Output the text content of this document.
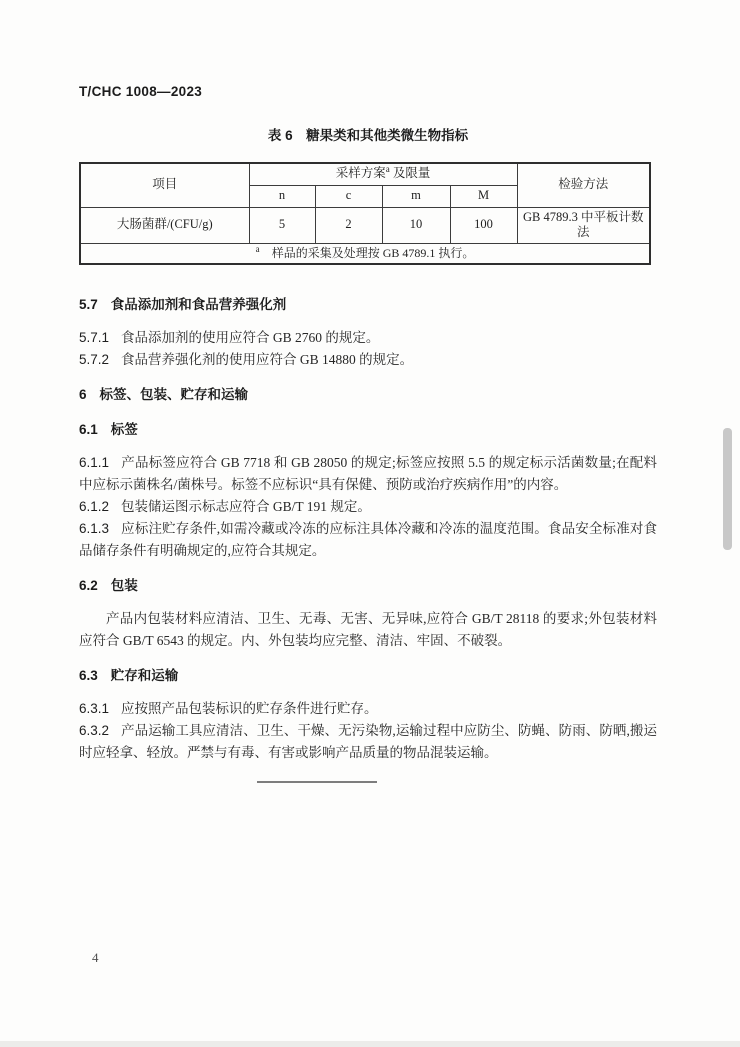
T/CHC 1008—2023
表 6　糖果类和其他类微生物指标
项目	采样方案$^a$ 及限量				检验方法
	n	c	m	M	
大肠菌群/(CFU/g)	5	2	10	100	GB 4789.3 中平板计数法
$^a$　 样品的采集及处理按 GB 4789.1 执行。					
5.7 食品添加剂和食品营养强化剂

5.7.1 食品添加剂的使用应符合 GB 2760 的规定。

5.7.2 食品营养强化剂的使用应符合 GB 14880 的规定。

6 标签、包装、贮存和运输
6.1 标签

6.1.1 产品标签应符合 GB 7718 和 GB 28050 的规定;标签应按照 5.5 的规定标示活菌数量;在配料中应标示菌株名/菌株号。标签不应标识“具有保健、预防或治疗疾病作用”的内容。

6.1.2 包装储运图示标志应符合 GB/T 191 规定。

6.1.3 应标注贮存条件,如需冷藏或冷冻的应标注具体冷藏和冷冻的温度范围。食品安全标准对食品储存条件有明确规定的,应符合其规定。

6.2 包装

产品内包装材料应清洁、卫生、无毒、无害、无异味,应符合 GB/T 28118 的要求;外包装材料应符合 GB/T 6543 的规定。内、外包装均应完整、清洁、牢固、不破裂。

6.3 贮存和运输

6.3.1 应按照产品包装标识的贮存条件进行贮存。

6.3.2 产品运输工具应清洁、卫生、干燥、无污染物,运输过程中应防尘、防蝇、防雨、防晒,搬运时应轻拿、轻放。严禁与有毒、有害或影响产品质量的物品混装运输。

4
